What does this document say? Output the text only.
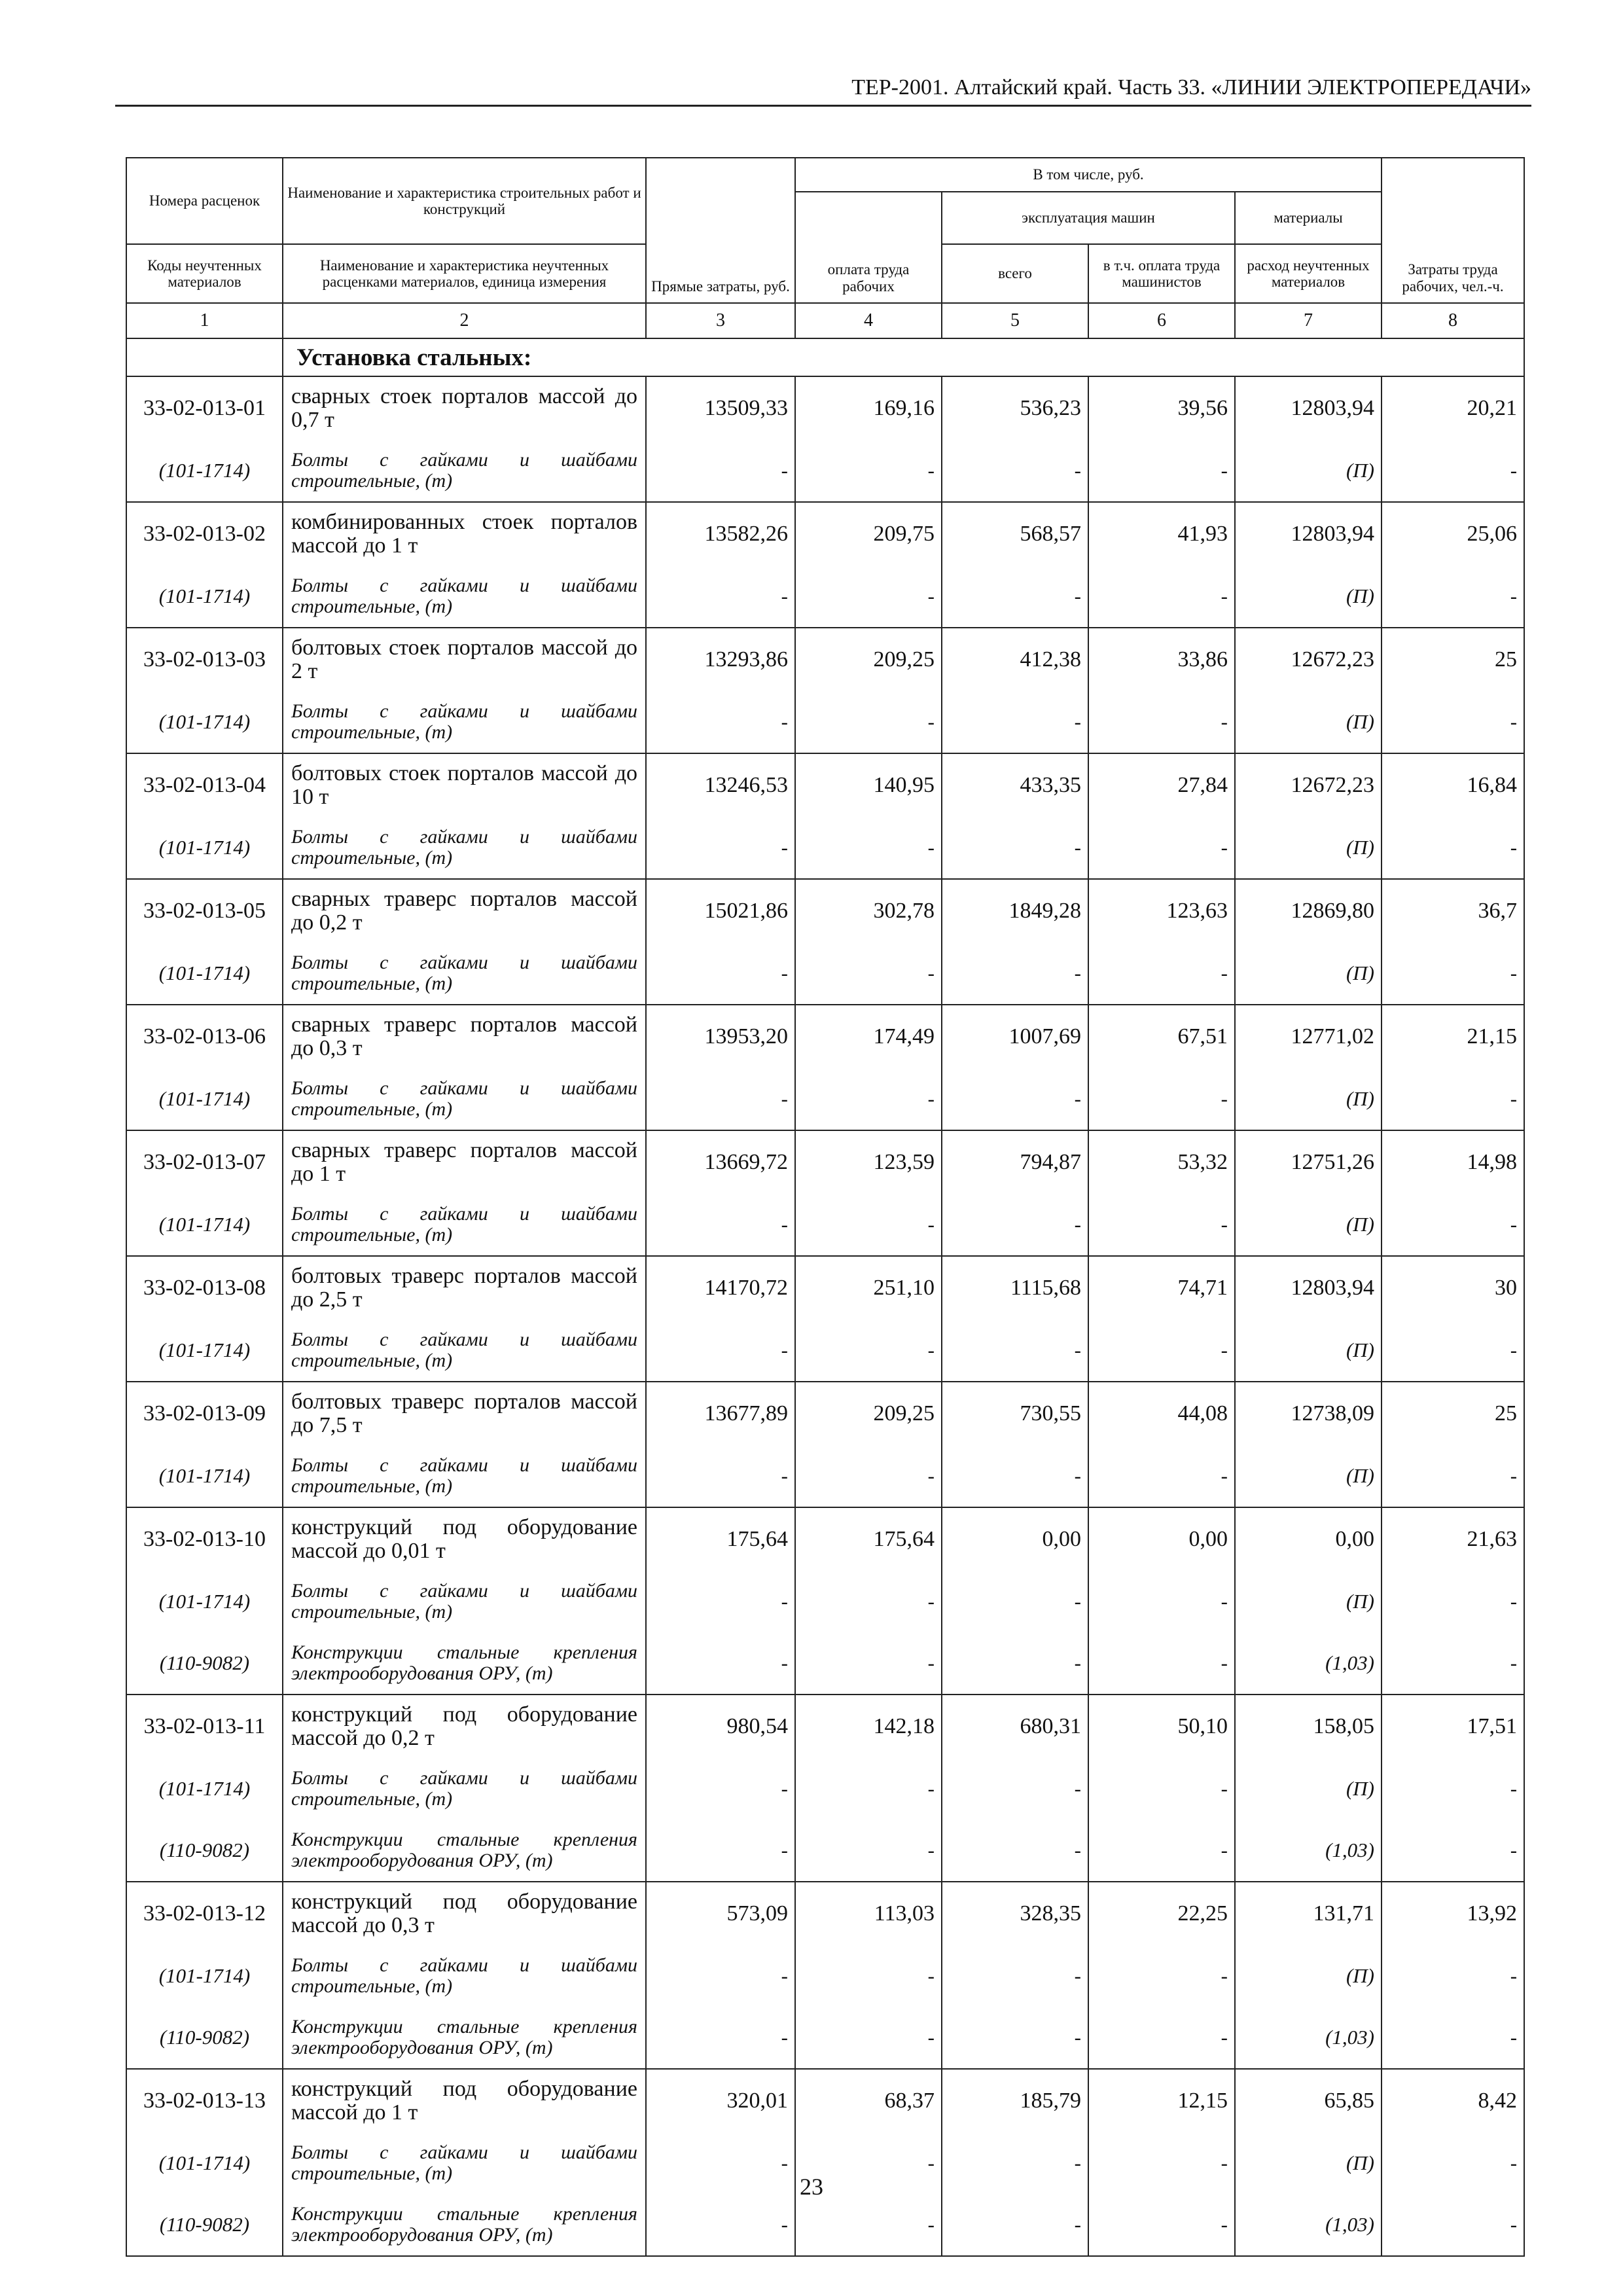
ТЕР-2001. Алтайский край. Часть 33. «ЛИНИИ ЭЛЕКТРОПЕРЕДАЧИ»
Номера расценок	Наименование и характеристика строительных работ и конструкций	Прямые затраты, руб.	В том числе, руб.				Затраты труда рабочих, чел.-ч.
			оплата труда рабочих	эксплуатация машин		материалы	
Коды неучтенных материалов	Наименование и характеристика неучтенных расценками материалов, единица измерения			всего	в т.ч. оплата труда машинистов	расход неучтенных материалов	
1	2	3	4	5	6	7	8
	Установка стальных:						
33-02-013-01	сварных стоек порталов массой до 0,7 т	13509,33	169,16	536,23	39,56	12803,94	20,21
(101-1714)	Болты с гайками и шайбами строительные, (т)	-	-	-	-	(П)	-
33-02-013-02	комбинированных стоек порталов массой до 1 т	13582,26	209,75	568,57	41,93	12803,94	25,06
(101-1714)	Болты с гайками и шайбами строительные, (т)	-	-	-	-	(П)	-
33-02-013-03	болтовых стоек порталов массой до 2 т	13293,86	209,25	412,38	33,86	12672,23	25
(101-1714)	Болты с гайками и шайбами строительные, (т)	-	-	-	-	(П)	-
33-02-013-04	болтовых стоек порталов массой до 10 т	13246,53	140,95	433,35	27,84	12672,23	16,84
(101-1714)	Болты с гайками и шайбами строительные, (т)	-	-	-	-	(П)	-
33-02-013-05	сварных траверс порталов массой до 0,2 т	15021,86	302,78	1849,28	123,63	12869,80	36,7
(101-1714)	Болты с гайками и шайбами строительные, (т)	-	-	-	-	(П)	-
33-02-013-06	сварных траверс порталов массой до 0,3 т	13953,20	174,49	1007,69	67,51	12771,02	21,15
(101-1714)	Болты с гайками и шайбами строительные, (т)	-	-	-	-	(П)	-
33-02-013-07	сварных траверс порталов массой до 1 т	13669,72	123,59	794,87	53,32	12751,26	14,98
(101-1714)	Болты с гайками и шайбами строительные, (т)	-	-	-	-	(П)	-
33-02-013-08	болтовых траверс порталов массой до 2,5 т	14170,72	251,10	1115,68	74,71	12803,94	30
(101-1714)	Болты с гайками и шайбами строительные, (т)	-	-	-	-	(П)	-
33-02-013-09	болтовых траверс порталов массой до 7,5 т	13677,89	209,25	730,55	44,08	12738,09	25
(101-1714)	Болты с гайками и шайбами строительные, (т)	-	-	-	-	(П)	-
33-02-013-10	конструкций под оборудование массой до 0,01 т	175,64	175,64	0,00	0,00	0,00	21,63
(101-1714)	Болты с гайками и шайбами строительные, (т)	-	-	-	-	(П)	-
(110-9082)	Конструкции стальные крепления электрооборудования ОРУ, (т)	-	-	-	-	(1,03)	-
33-02-013-11	конструкций под оборудование массой до 0,2 т	980,54	142,18	680,31	50,10	158,05	17,51
(101-1714)	Болты с гайками и шайбами строительные, (т)	-	-	-	-	(П)	-
(110-9082)	Конструкции стальные крепления электрооборудования ОРУ, (т)	-	-	-	-	(1,03)	-
33-02-013-12	конструкций под оборудование массой до 0,3 т	573,09	113,03	328,35	22,25	131,71	13,92
(101-1714)	Болты с гайками и шайбами строительные, (т)	-	-	-	-	(П)	-
(110-9082)	Конструкции стальные крепления электрооборудования ОРУ, (т)	-	-	-	-	(1,03)	-
33-02-013-13	конструкций под оборудование массой до 1 т	320,01	68,37	185,79	12,15	65,85	8,42
(101-1714)	Болты с гайками и шайбами строительные, (т)	-	-	-	-	(П)	-
(110-9082)	Конструкции стальные крепления электрооборудования ОРУ, (т)	-	-	-	-	(1,03)	-
23
